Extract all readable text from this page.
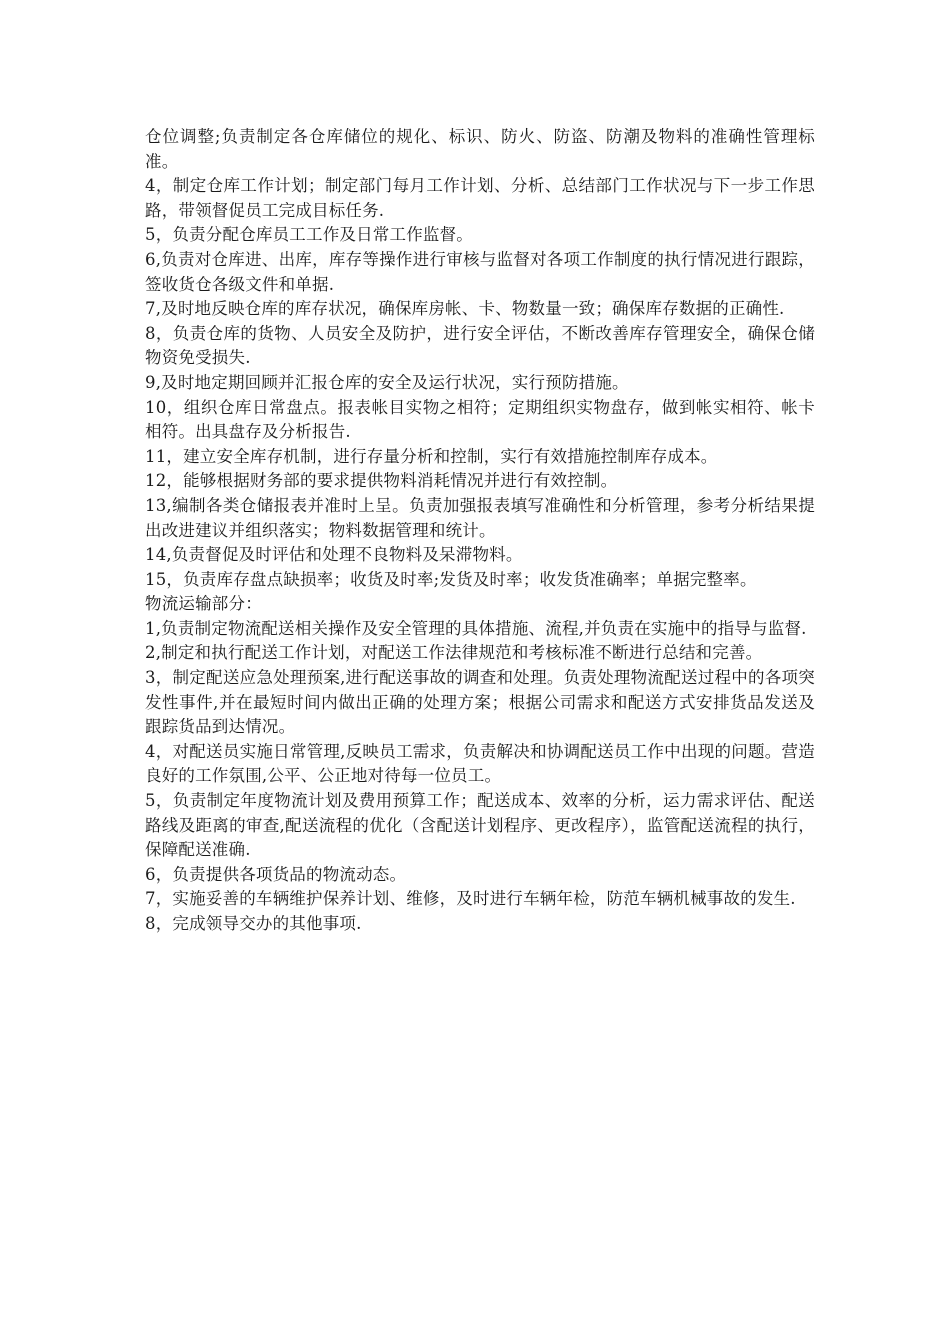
仓位调整;负责制定各仓库储位的规化、标识、防火、防盗、防潮及物料的准确性管理标准。

4，制定仓库工作计划；制定部门每月工作计划、分析、总结部门工作状况与下一步工作思路，带领督促员工完成目标任务.

5，负责分配仓库员工工作及日常工作监督。

6,负责对仓库进、出库，库存等操作进行审核与监督对各项工作制度的执行情况进行跟踪，签收货仓各级文件和单据.

7,及时地反映仓库的库存状况，确保库房帐、卡、物数量一致；确保库存数据的正确性.

8，负责仓库的货物、人员安全及防护，进行安全评估，不断改善库存管理安全，确保仓储物资免受损失.

9,及时地定期回顾并汇报仓库的安全及运行状况，实行预防措施。

10，组织仓库日常盘点。报表帐目实物之相符；定期组织实物盘存，做到帐实相符、帐卡相符。出具盘存及分析报告.

11，建立安全库存机制，进行存量分析和控制，实行有效措施控制库存成本。

12，能够根据财务部的要求提供物料消耗情况并进行有效控制。

13,编制各类仓储报表并准时上呈。负责加强报表填写准确性和分析管理，参考分析结果提出改进建议并组织落实；物料数据管理和统计。

14,负责督促及时评估和处理不良物料及呆滞物料。

15，负责库存盘点缺损率；收货及时率;发货及时率；收发货准确率；单据完整率。

物流运输部分：

1,负责制定物流配送相关操作及安全管理的具体措施、流程,并负责在实施中的指导与监督.

2,制定和执行配送工作计划，对配送工作法律规范和考核标准不断进行总结和完善。

3，制定配送应急处理预案,进行配送事故的调查和处理。负责处理物流配送过程中的各项突发性事件,并在最短时间内做出正确的处理方案；根据公司需求和配送方式安排货品发送及跟踪货品到达情况。

4，对配送员实施日常管理,反映员工需求，负责解决和协调配送员工作中出现的问题。营造良好的工作氛围,公平、公正地对待每一位员工。

5，负责制定年度物流计划及费用预算工作；配送成本、效率的分析，运力需求评估、配送路线及距离的审查,配送流程的优化（含配送计划程序、更改程序），监管配送流程的执行，保障配送准确.

6，负责提供各项货品的物流动态。

7，实施妥善的车辆维护保养计划、维修，及时进行车辆年检，防范车辆机械事故的发生.

8，完成领导交办的其他事项.
